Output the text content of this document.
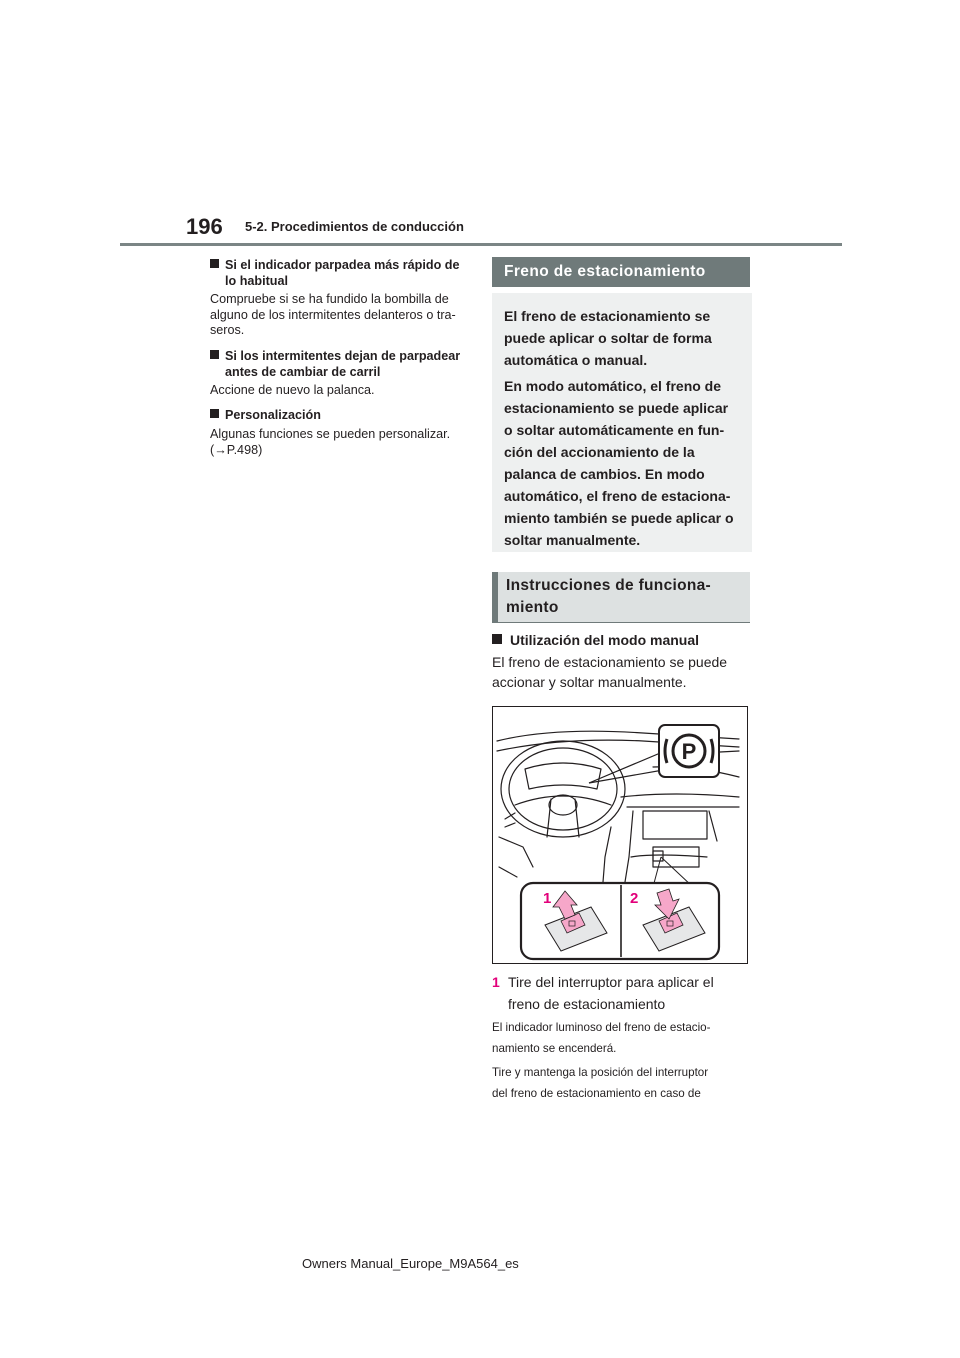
196 5-2. Procedimientos de conducción
Si el indicador parpadea más rápido de
lo habitual
Compruebe si se ha fundido la bombilla de
alguno de los intermitentes delanteros o tra-
seros.
Si los intermitentes dejan de parpadear
antes de cambiar de carril
Accione de nuevo la palanca.
Personalización
Algunas funciones se pueden personalizar.
(→P.498)
Freno de estacionamiento

El freno de estacionamiento se
puede aplicar o soltar de forma
automática o manual.

En modo automático, el freno de
estacionamiento se puede aplicar
o soltar automáticamente en fun-
ción del accionamiento de la
palanca de cambios. En modo
automático, el freno de estaciona-
miento también se puede aplicar o
soltar manualmente.

Instrucciones de funciona-
miento
Utilización del modo manual
El freno de estacionamiento se puede
accionar y soltar manualmente.
P
1	2
1 Tire del interruptor para aplicar el
freno de estacionamiento
El indicador luminoso del freno de estacio-
namiento se encenderá.
Tire y mantenga la posición del interruptor
del freno de estacionamiento en caso de
Owners Manual_Europe_M9A564_es
